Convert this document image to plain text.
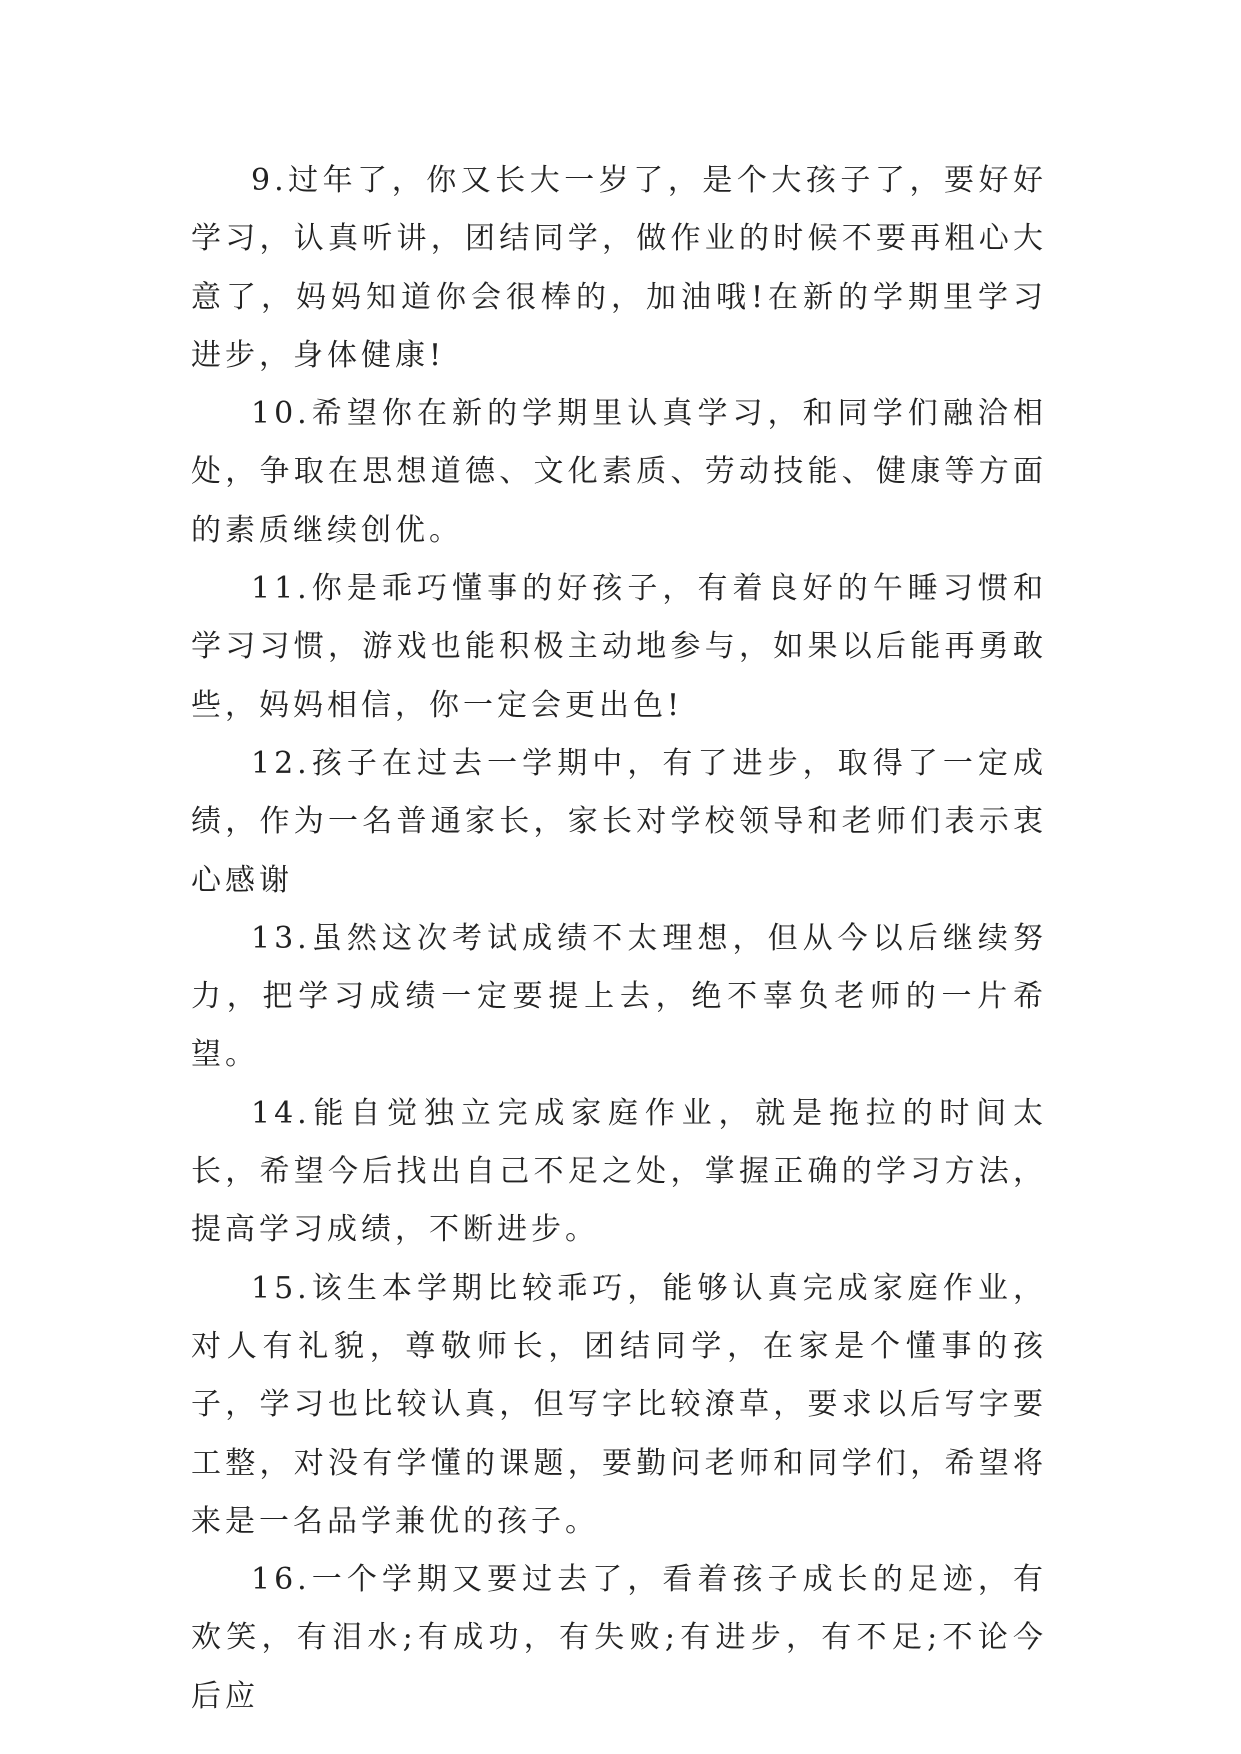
9.过年了，你又长大一岁了，是个大孩子了，要好好学习，认真听讲，团结同学，做作业的时候不要再粗心大意了，妈妈知道你会很棒的，加油哦!在新的学期里学习进步，身体健康!

10.希望你在新的学期里认真学习，和同学们融洽相处，争取在思想道德、文化素质、劳动技能、健康等方面的素质继续创优。

11.你是乖巧懂事的好孩子，有着良好的午睡习惯和学习习惯，游戏也能积极主动地参与，如果以后能再勇敢些，妈妈相信，你一定会更出色!

12.孩子在过去一学期中，有了进步，取得了一定成绩，作为一名普通家长，家长对学校领导和老师们表示衷心感谢

13.虽然这次考试成绩不太理想，但从今以后继续努力，把学习成绩一定要提上去，绝不辜负老师的一片希望。

14.能自觉独立完成家庭作业，就是拖拉的时间太长，希望今后找出自己不足之处，掌握正确的学习方法，提高学习成绩，不断进步。

15.该生本学期比较乖巧，能够认真完成家庭作业，对人有礼貌，尊敬师长，团结同学，在家是个懂事的孩子，学习也比较认真，但写字比较潦草，要求以后写字要工整，对没有学懂的课题，要勤问老师和同学们，希望将来是一名品学兼优的孩子。

16.一个学期又要过去了，看着孩子成长的足迹，有欢笑，有泪水;有成功，有失败;有进步，有不足;不论今后应
